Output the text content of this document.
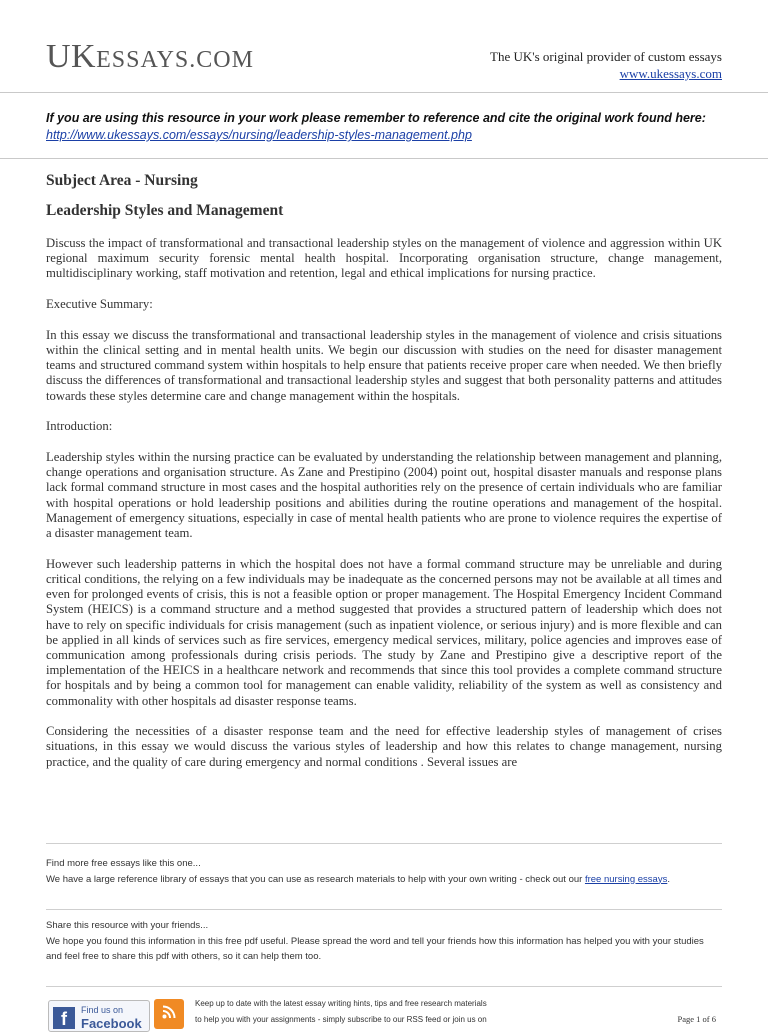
UKESSAYS.COM	The UK's original provider of custom essays
www.ukessays.com
If you are using this resource in your work please remember to reference and cite the original work found here:
http://www.ukessays.com/essays/nursing/leadership-styles-management.php
Subject Area - Nursing
Leadership Styles and Management

Discuss the impact of transformational and transactional leadership styles on the management of violence and aggression within UK regional maximum security forensic mental health hospital. Incorporating organisation structure, change management, multidisciplinary working, staff motivation and retention, legal and ethical implications for nursing practice.

Executive Summary:

In this essay we discuss the transformational and transactional leadership styles in the management of violence and crisis situations within the clinical setting and in mental health units. We begin our discussion with studies on the need for disaster management teams and structured command system within hospitals to help ensure that patients receive proper care when needed. We then briefly discuss the differences of transformational and transactional leadership styles and suggest that both personality patterns and attitudes towards these styles determine care and change management within the hospitals.

Introduction:

Leadership styles within the nursing practice can be evaluated by understanding the relationship between management and planning, change operations and organisation structure. As Zane and Prestipino (2004) point out, hospital disaster manuals and response plans lack formal command structure in most cases and the hospital authorities rely on the presence of certain individuals who are familiar with hospital operations or hold leadership positions and abilities during the routine operations and management of the hospital. Management of emergency situations, especially in case of mental health patients who are prone to violence requires the expertise of a disaster management team.

However such leadership patterns in which the hospital does not have a formal command structure may be unreliable and during critical conditions, the relying on a few individuals may be inadequate as the concerned persons may not be available at all times and even for prolonged events of crisis, this is not a feasible option or proper management. The Hospital Emergency Incident Command System (HEICS) is a command structure and a method suggested that provides a structured pattern of leadership which does not have to rely on specific individuals for crisis management (such as inpatient violence, or serious injury) and is more flexible and can be applied in all kinds of services such as fire services, emergency medical services, military, police agencies and improves ease of communication among professionals during crisis periods. The study by Zane and Prestipino give a descriptive report of the implementation of the HEICS in a healthcare network and recommends that since this tool provides a complete command structure for hospitals and by being a common tool for management can enable validity, reliability of the system as well as consistency and commonality with other hospitals ad disaster response teams.

Considering the necessities of a disaster response team and the need for effective leadership styles of management of crises situations, in this essay we would discuss the various styles of leadership and how this relates to change management, nursing practice, and the quality of care during emergency and normal conditions . Several issues are

Find more free essays like this one...
We have a large reference library of essays that you can use as research materials to help with your own writing - check out our free nursing essays.
Share this resource with your friends...
We hope you found this information in this free pdf useful. Please spread the word and tell your friends how this information has helped you with your studies and feel free to share this pdf with others, so it can help them too.
f	Find us on
Facebook
Keep up to date with the latest essay writing hints, tips and free research materials
to help you with your assignments - simply subscribe to our RSS feed or join us on	Page 1 of 6
